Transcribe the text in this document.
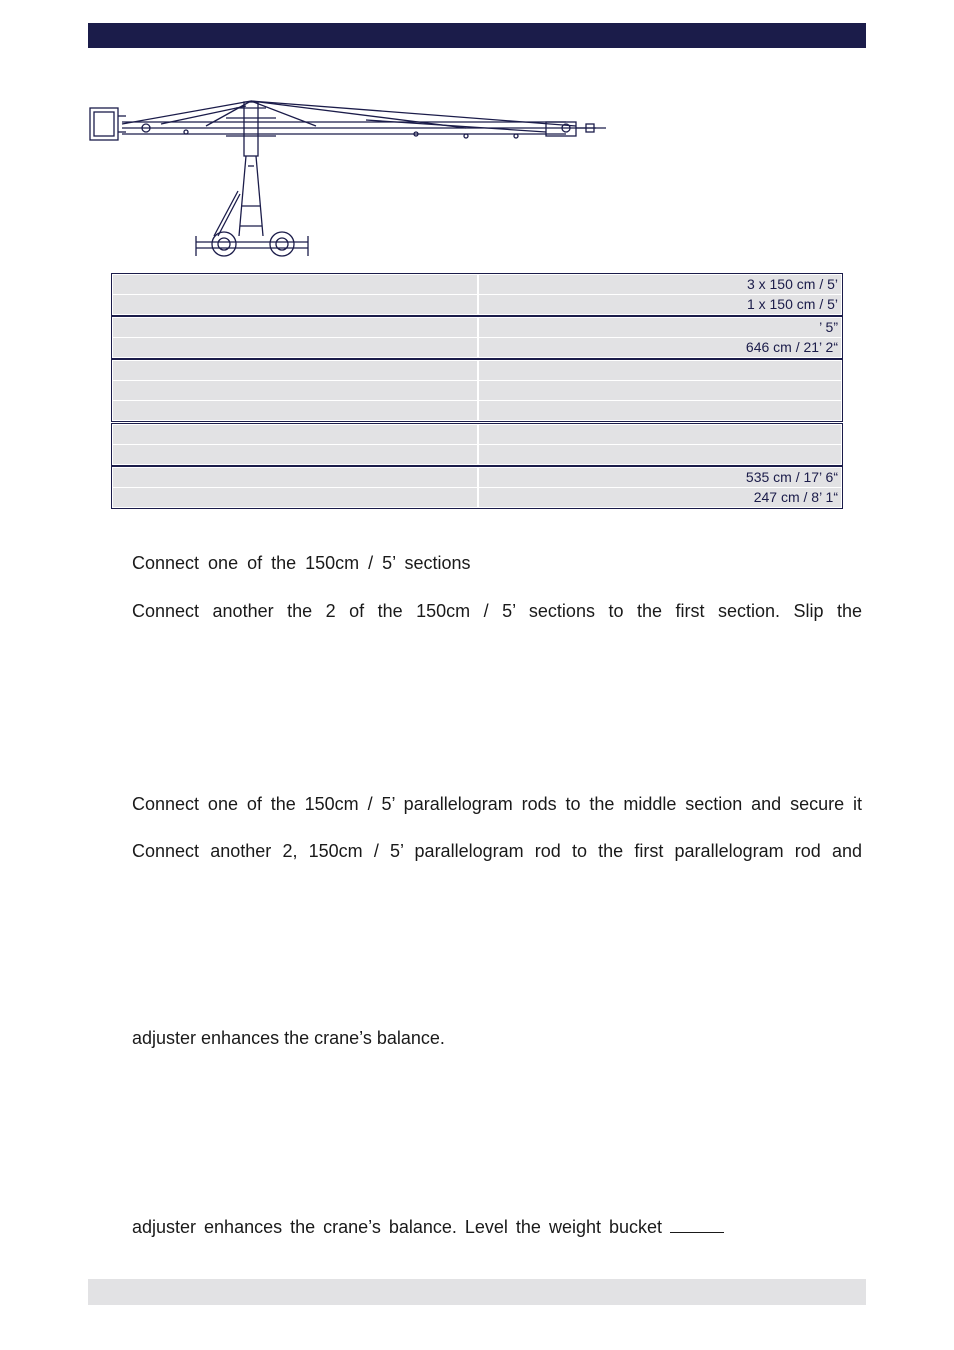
3 x 150 cm / 5’
1 x 150 cm / 5’
’ 5”
646 cm / 21’ 2“
535 cm / 17’ 6“
247 cm / 8’ 1“
Connect one of the 150cm / 5’ sections
Connect another the 2 of the 150cm / 5’ sections to the first section. Slip the
Connect one of the 150cm / 5’ parallelogram rods to the middle section and secure it
Connect another 2, 150cm / 5’ parallelogram rod to the first parallelogram rod and
adjuster enhances the crane’s balance.
adjuster enhances the crane’s balance. Level the weight bucket
